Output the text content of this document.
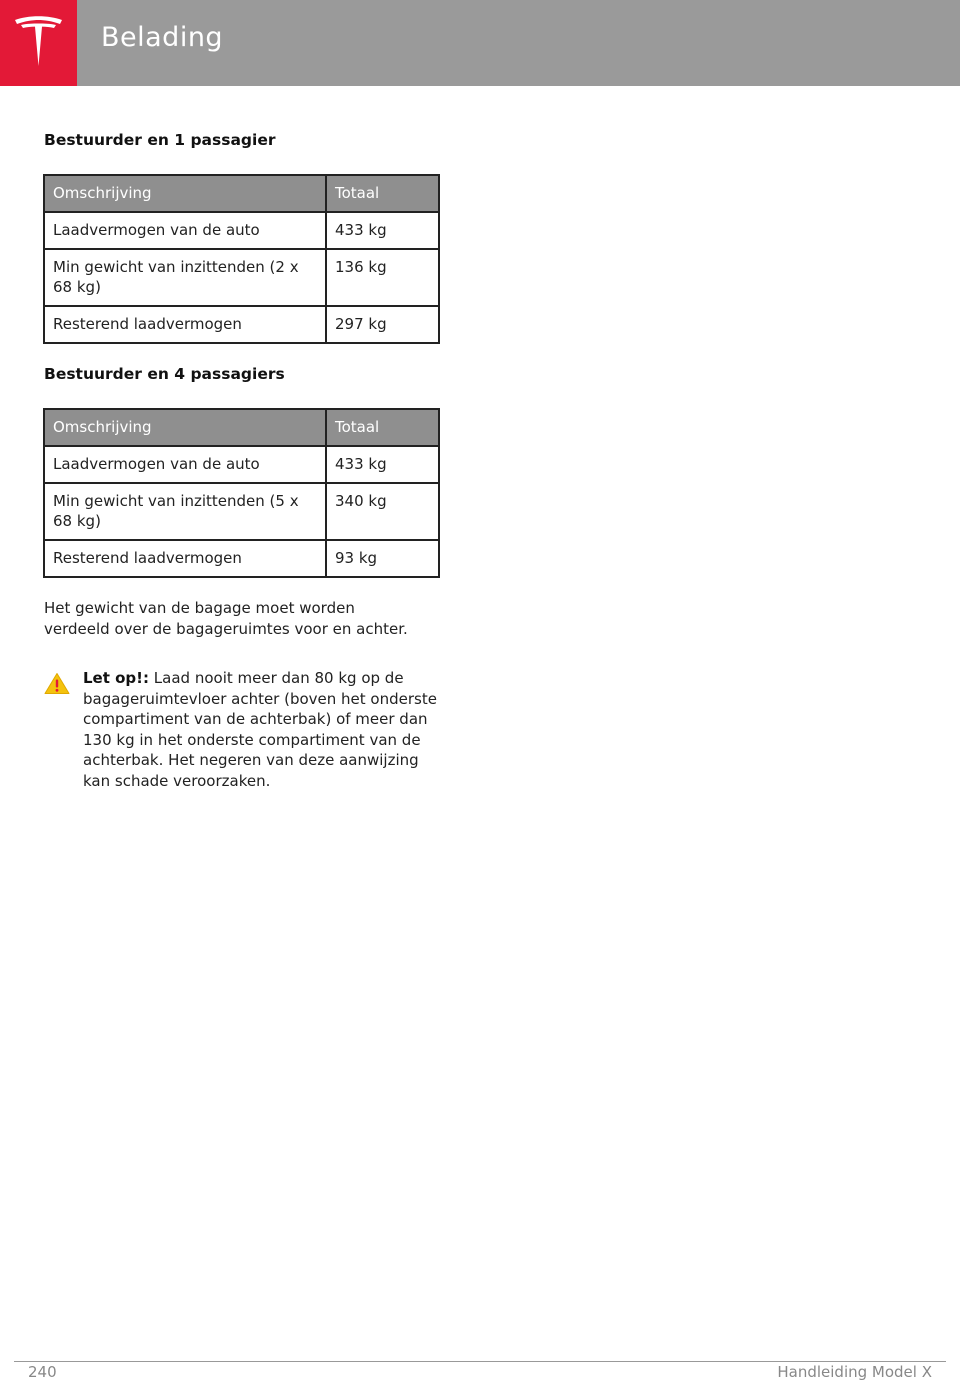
Belading
Bestuurder en 1 passagier
Omschrijving	Totaal
Laadvermogen van de auto	433 kg
Min gewicht van inzittenden (2 x 68 kg)	136 kg
Resterend laadvermogen	297 kg
Bestuurder en 4 passagiers
Omschrijving	Totaal
Laadvermogen van de auto	433 kg
Min gewicht van inzittenden (5 x 68 kg)	340 kg
Resterend laadvermogen	93 kg
Het gewicht van de bagage moet worden verdeeld over de bagageruimtes voor en achter.
Let op!: Laad nooit meer dan 80 kg op de bagageruimtevloer achter (boven het onderste compartiment van de achterbak) of meer dan 130 kg in het onderste compartiment van de achterbak. Het negeren van deze aanwijzing kan schade veroorzaken.
240	Handleiding Model X
